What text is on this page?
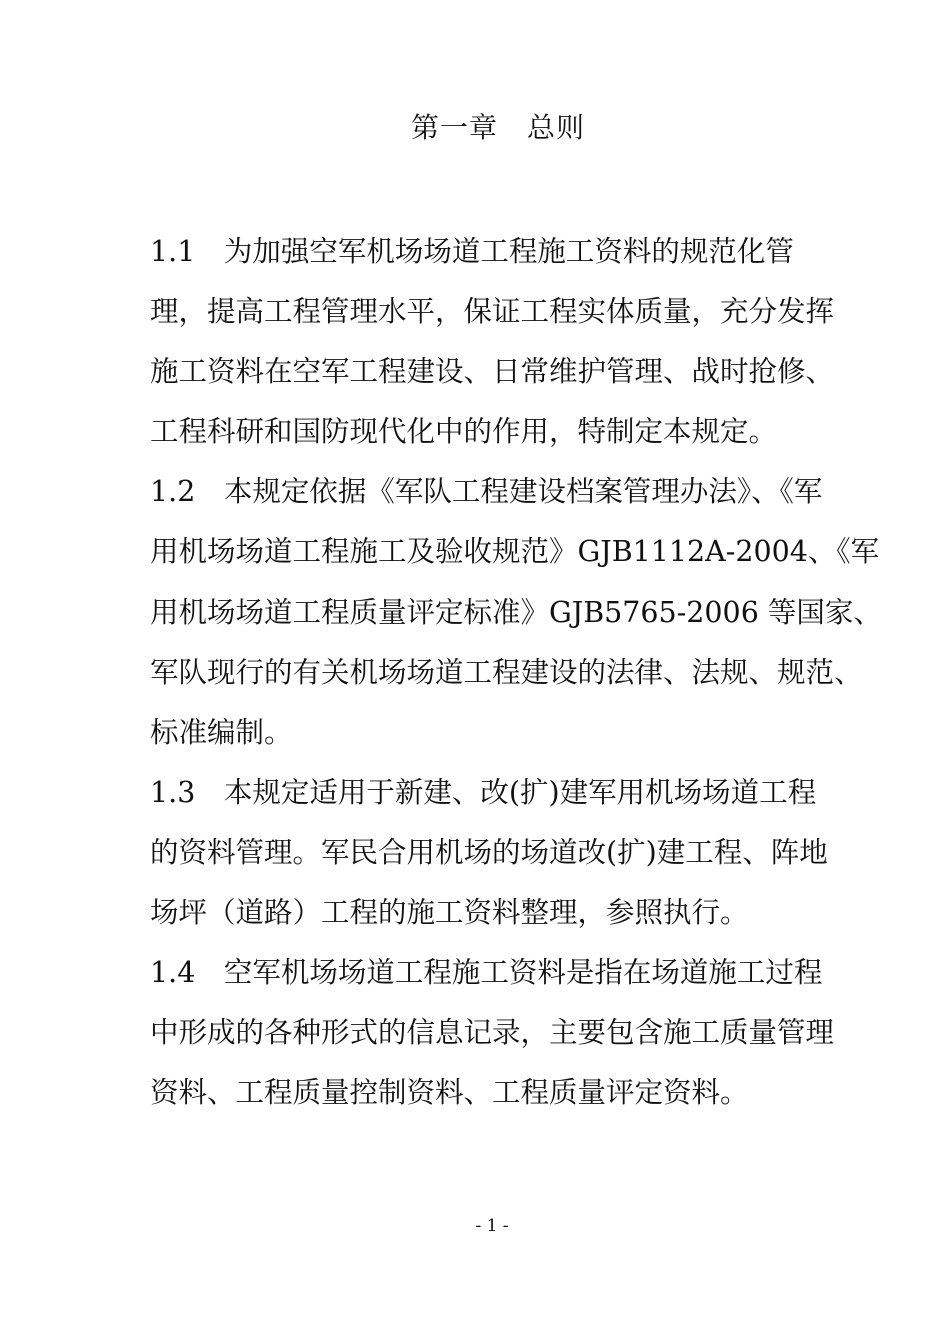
第一章　总则
1.1　为加强空军机场场道工程施工资料的规范化管
理，提高工程管理水平，保证工程实体质量，充分发挥
施工资料在空军工程建设、日常维护管理、战时抢修、
工程科研和国防现代化中的作用，特制定本规定。
1.2　本规定依据《军队工程建设档案管理办法》、《军
用机场场道工程施工及验收规范》GJB1112A-2004、《军
用机场场道工程质量评定标准》GJB5765-2006 等国家、
军队现行的有关机场场道工程建设的法律、法规、规范、
标准编制。
1.3　本规定适用于新建、改(扩)建军用机场场道工程
的资料管理。军民合用机场的场道改(扩)建工程、阵地
场坪（道路）工程的施工资料整理，参照执行。
1.4　空军机场场道工程施工资料是指在场道施工过程
中形成的各种形式的信息记录，主要包含施工质量管理
资料、工程质量控制资料、工程质量评定资料。
- 1 -
